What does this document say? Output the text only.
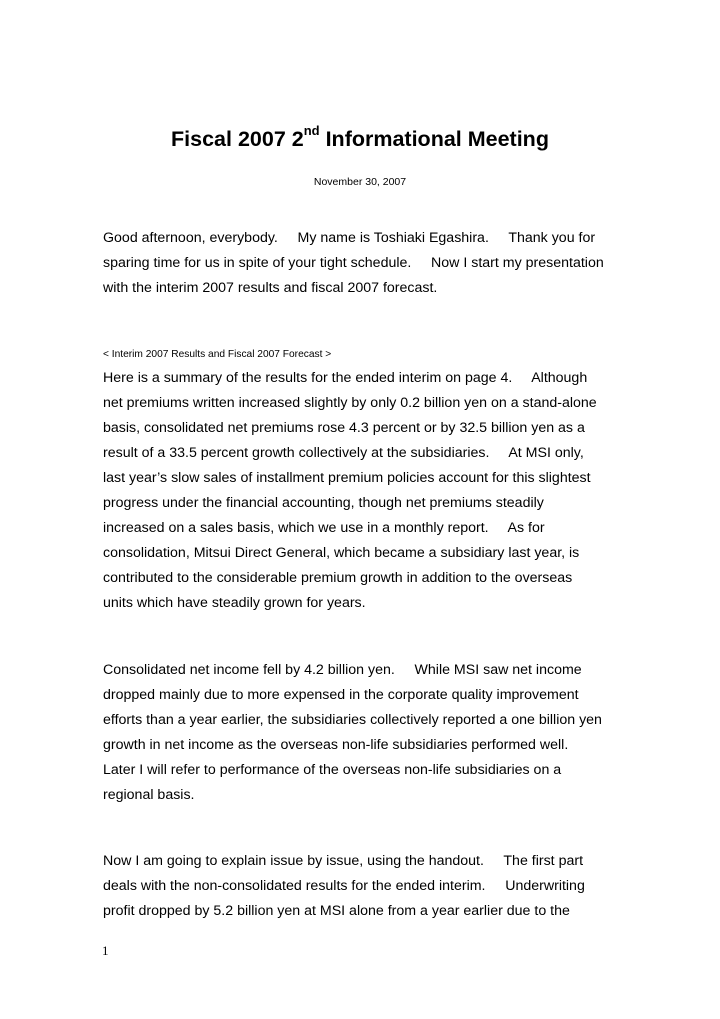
Fiscal 2007 2nd Informational Meeting
November 30, 2007
Good afternoon, everybody.     My name is Toshiaki Egashira.     Thank you for
sparing time for us in spite of your tight schedule.     Now I start my presentation
with the interim 2007 results and fiscal 2007 forecast.
< Interim 2007 Results and Fiscal 2007 Forecast >
Here is a summary of the results for the ended interim on page 4.     Although
net premiums written increased slightly by only 0.2 billion yen on a stand-alone
basis, consolidated net premiums rose 4.3 percent or by 32.5 billion yen as a
result of a 33.5 percent growth collectively at the subsidiaries.     At MSI only,
last year’s slow sales of installment premium policies account for this slightest
progress under the financial accounting, though net premiums steadily
increased on a sales basis, which we use in a monthly report.     As for
consolidation, Mitsui Direct General, which became a subsidiary last year, is
contributed to the considerable premium growth in addition to the overseas
units which have steadily grown for years.
Consolidated net income fell by 4.2 billion yen.     While MSI saw net income
dropped mainly due to more expensed in the corporate quality improvement
efforts than a year earlier, the subsidiaries collectively reported a one billion yen
growth in net income as the overseas non-life subsidiaries performed well.
Later I will refer to performance of the overseas non-life subsidiaries on a
regional basis.
Now I am going to explain issue by issue, using the handout.     The first part
deals with the non-consolidated results for the ended interim.     Underwriting
profit dropped by 5.2 billion yen at MSI alone from a year earlier due to the
1
